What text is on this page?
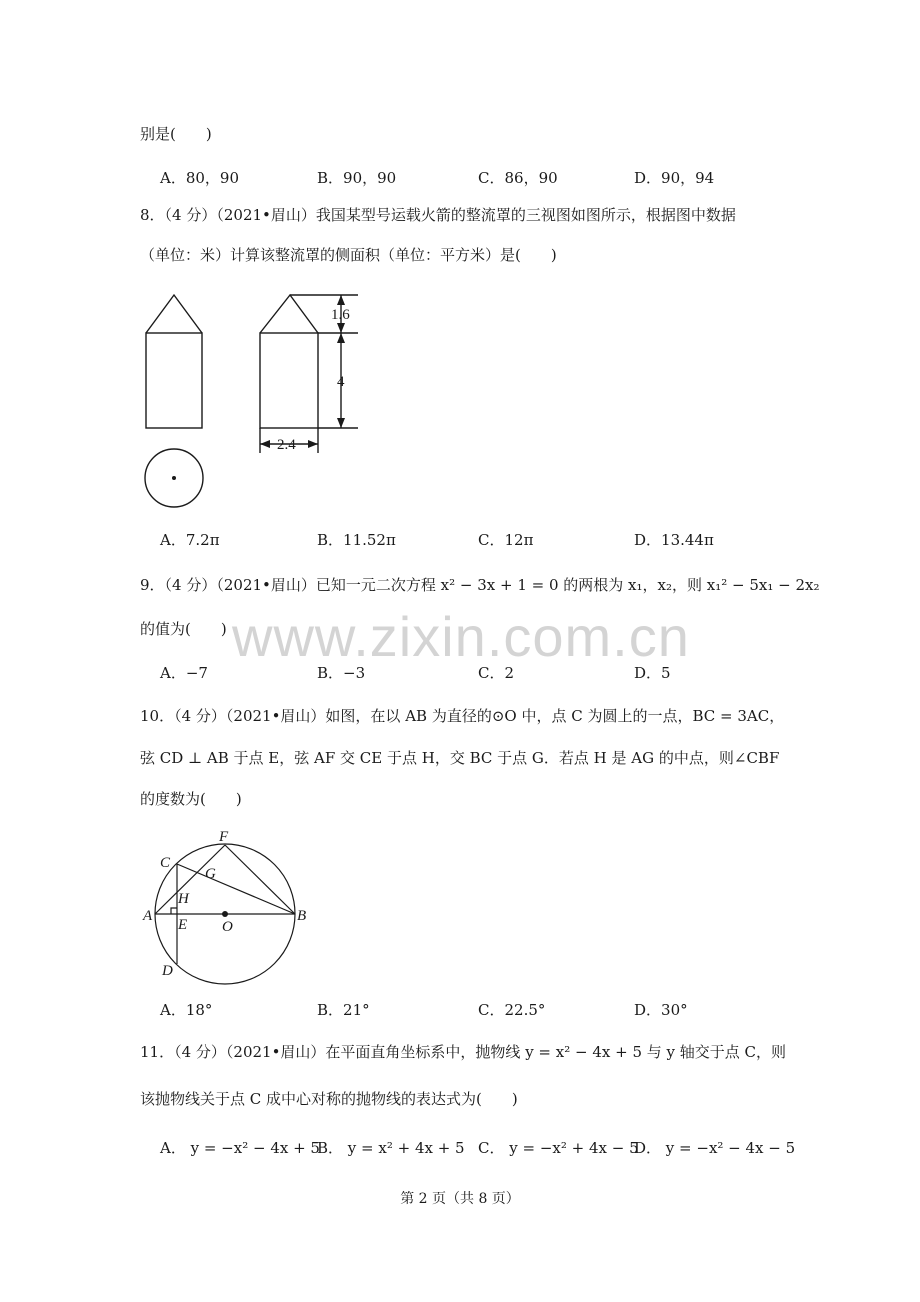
别是(　　)
A．80，90	B．90，90	C．86，90	D．90，94
8．（4 分）（2021•眉山）我国某型号运载火箭的整流罩的三视图如图所示，根据图中数据
（单位：米）计算该整流罩的侧面积（单位：平方米）是(　　)
1.6
4
2.4
A．7.2π	B．11.52π	C．12π	D．13.44π
www.zixin.com.cn
9．（4 分）（2021•眉山）已知一元二次方程 x² − 3x + 1 = 0 的两根为 x₁，x₂，则 x₁² − 5x₁ − 2x₂
的值为(　　)
A．−7	B．−3	C．2	D．5
10．（4 分）（2021•眉山）如图，在以 AB 为直径的⊙O 中，点 C 为圆上的一点，BC = 3AC，
弦 CD ⊥ AB 于点 E，弦 AF 交 CE 于点 H，交 BC 于点 G．若点 H 是 AG 的中点，则∠CBF
的度数为(　　)
A	B
C
D
E
F
G
H
O
A．18°	B．21°	C．22.5°	D．30°
11．（4 分）（2021•眉山）在平面直角坐标系中，抛物线 y = x² − 4x + 5 与 y 轴交于点 C，则
该抛物线关于点 C 成中心对称的抛物线的表达式为(　　)
A． y = −x² − 4x + 5
B． y = x² + 4x + 5 C． y = −x² + 4x − 5
D． y = −x² − 4x − 5
第 2 页（共 8 页）
